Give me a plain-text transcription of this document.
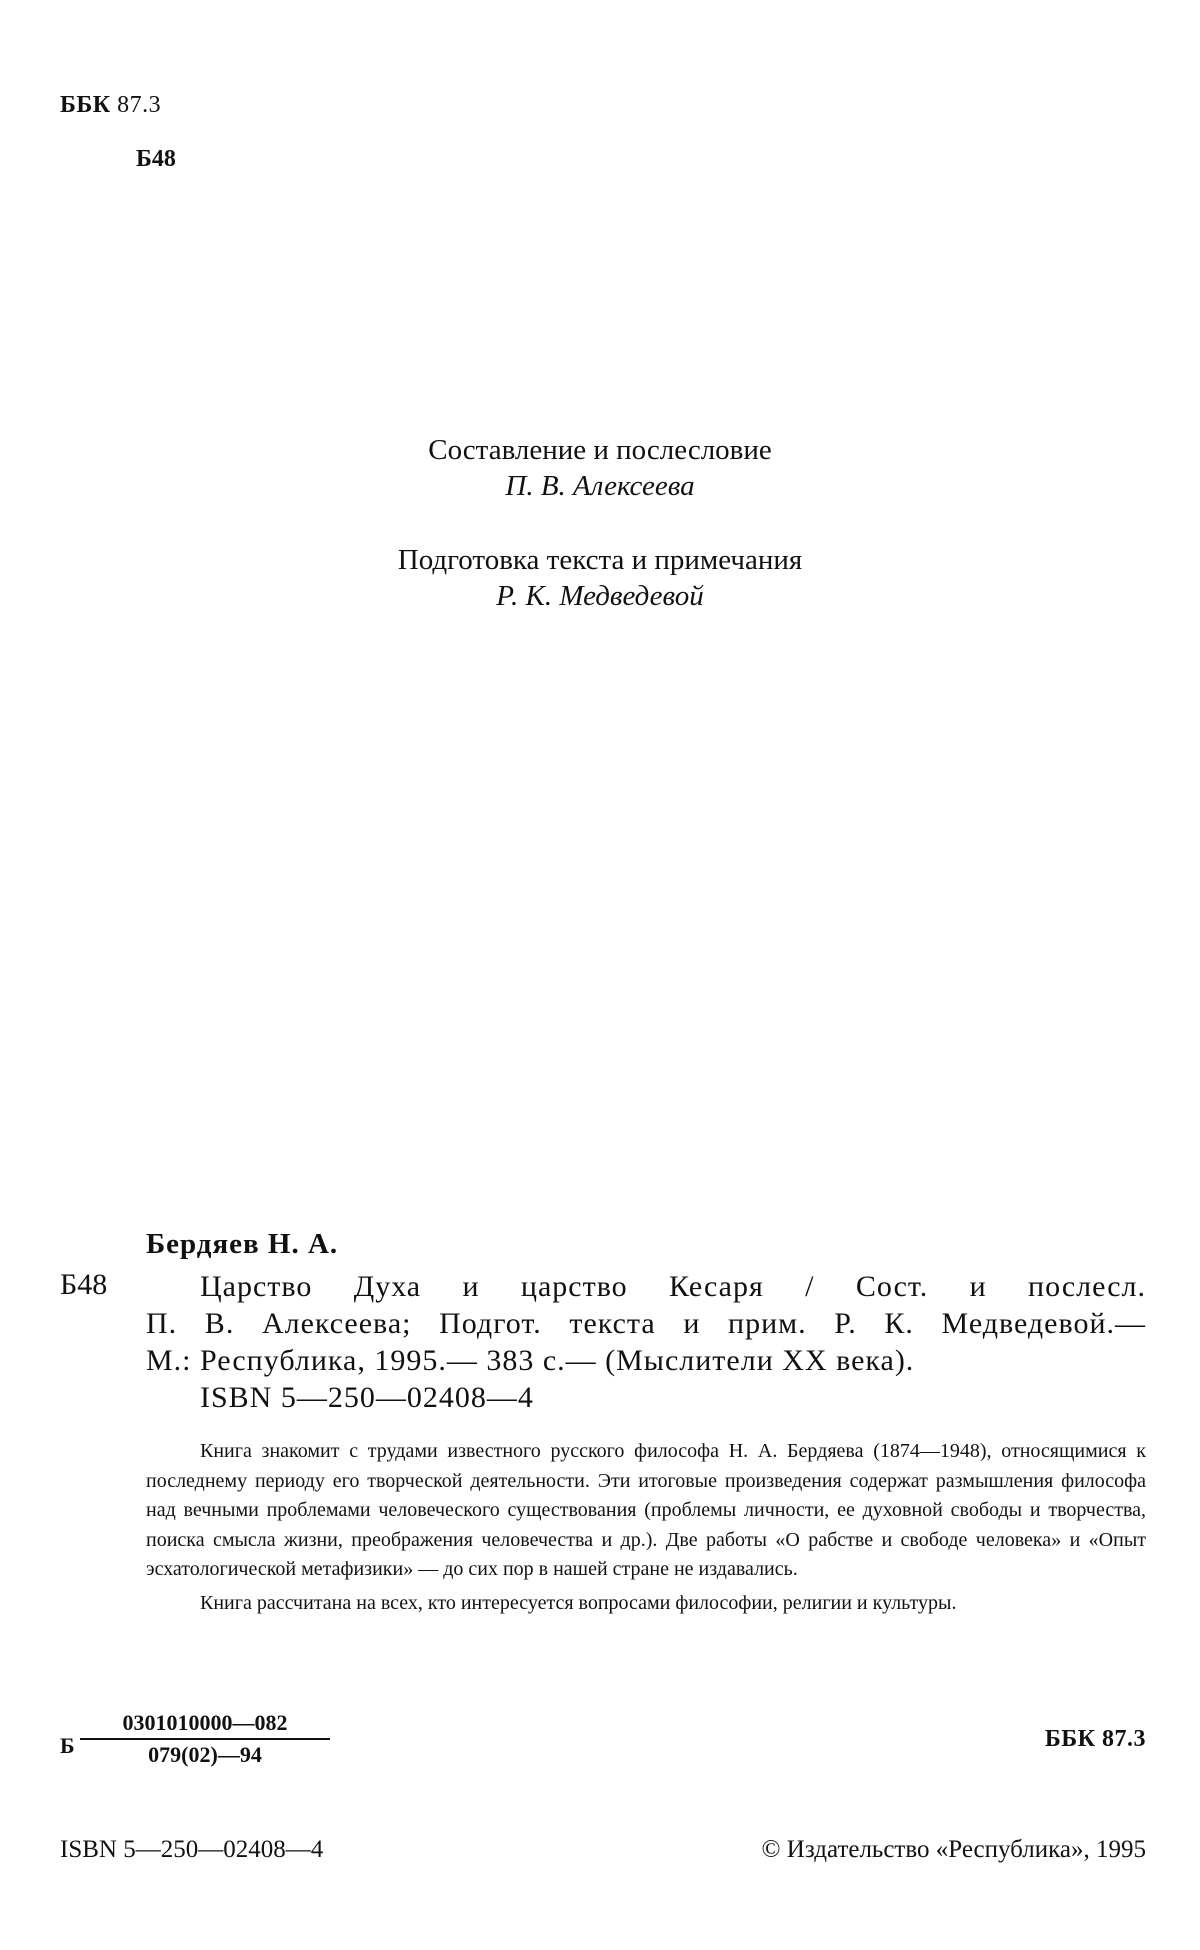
ББК 87.3
Б48
Составление и послесловие
П. В. Алексеева
Подготовка текста и примечания
Р. К. Медведевой
Бердяев Н. А.
Б48	Царство Духа и царство Кесаря / Сост. и послесл.
П. В. Алексеева; Подгот. текста и прим. Р. К. Медведевой.—
М.: Республика, 1995.— 383 с.— (Мыслители XX века).
ISBN 5—250—02408—4

Книга знакомит с трудами известного русского философа Н. А. Бердяева (1874—1948), относящимися к последнему периоду его творческой деятельности. Эти итоговые произведения содержат размышления философа над вечными проблемами человеческого существования (проблемы личности, ее духовной свободы и творчества, поиска смысла жизни, преображения человечества и др.). Две работы «О рабстве и свободе человека» и «Опыт эсхатологической метафизики» — до сих пор в нашей стране не издавались.

Книга рассчитана на всех, кто интересуется вопросами философии, религии и культуры.

Б $\frac{0301010000—082}{079(02)—94}$	ББК 87.3
ISBN 5—250—02408—4	© Издательство «Республика», 1995
